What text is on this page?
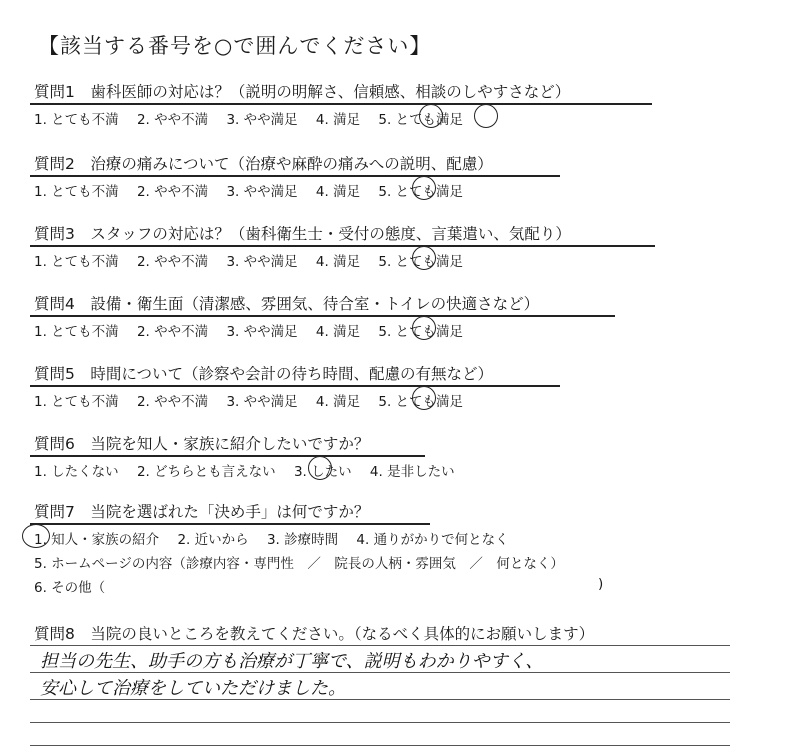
【該当する番号を○で囲んでください】
質問1　歯科医師の対応は？（説明の明解さ、信頼感、相談のしやすさなど）
1. とても不満 2. やや不満 3. やや満足 4. 満足 5. とても満足
質問2　治療の痛みについて（治療や麻酔の痛みへの説明、配慮）
1. とても不満 2. やや不満 3. やや満足 4. 満足 5. とても満足
質問3　スタッフの対応は？（歯科衛生士・受付の態度、言葉遣い、気配り）
1. とても不満 2. やや不満 3. やや満足 4. 満足 5. とても満足
質問4　設備・衛生面（清潔感、雰囲気、待合室・トイレの快適さなど）
1. とても不満 2. やや不満 3. やや満足 4. 満足 5. とても満足
質問5　時間について（診察や会計の待ち時間、配慮の有無など）
1. とても不満 2. やや不満 3. やや満足 4. 満足 5. とても満足
質問6　当院を知人・家族に紹介したいですか？
1. したくない 2. どちらとも言えない 3. したい 4. 是非したい
質問7　当院を選ばれた「決め手」は何ですか？
1. 知人・家族の紹介 2. 近いから 3. 診療時間 4. 通りがかりで何となく
5. ホームページの内容（診療内容・専門性　／　院長の人柄・雰囲気　／　何となく）
6. その他（	)
質問8　当院の良いところを教えてください。（なるべく具体的にお願いします）
担当の先生、助手の方も治療が丁寧で、説明もわかりやすく、
安心して治療をしていただけました。
